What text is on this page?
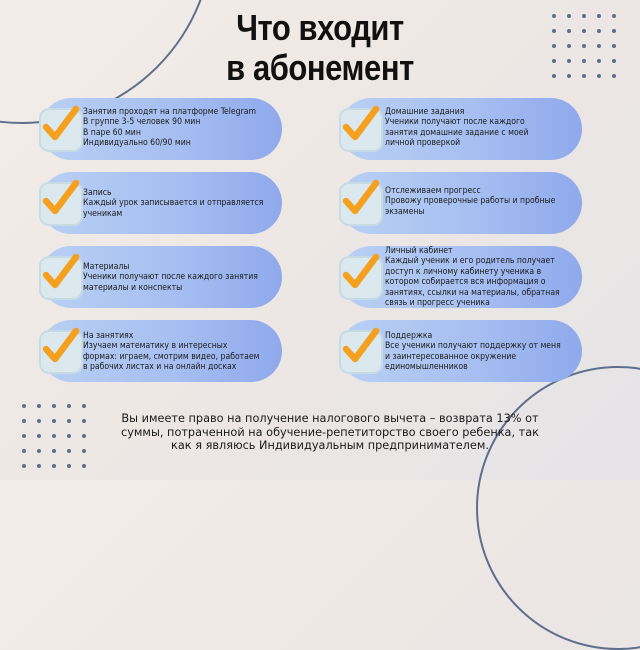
Что входит
в абонемент
Занятия проходят на платформе Telegram
В группе 3-5 человек 90 мин
В паре 60 мин
Индивидуально 60/90 мин
Запись
Каждый урок записывается и отправляется
ученикам
Материалы
Ученики получают после каждого занятия
материалы и конспекты
На занятиях
Изучаем математику в интересных
формах: играем, смотрим видео, работаем
в рабочих листах и на онлайн досках
Домашние задания
Ученики получают после каждого
занятия домашние задание с моей
личной проверкой
Отслеживаем прогресс
Провожу проверочные работы и пробные
экзамены
Личный кабинет
Каждый ученик и его родитель получает
доступ к личному кабинету ученика в
котором собирается вся информация о
занятиях, ссылки на материалы, обратная
связь и прогресс ученика
Поддержка
Все ученики получают поддержку от меня
и заинтересованное окружение
единомышленников
Вы имеете право на получение налогового вычета – возврата 13% от
суммы, потраченной на обучение-репетиторство своего ребенка, так
как я являюсь Индивидуальным предпринимателем.
